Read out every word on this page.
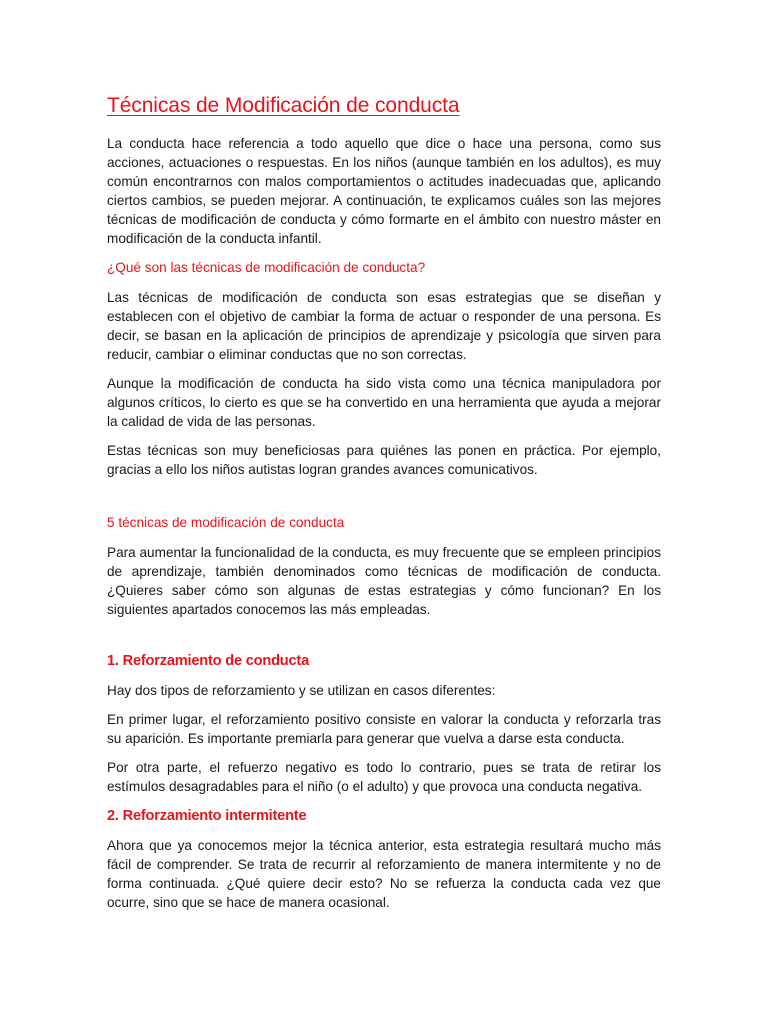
Técnicas de Modificación de conducta

La conducta hace referencia a todo aquello que dice o hace una persona, como sus acciones, actuaciones o respuestas. En los niños (aunque también en los adultos), es muy común encontrarnos con malos comportamientos o actitudes inadecuadas que, aplicando ciertos cambios, se pueden mejorar. A continuación, te explicamos cuáles son las mejores técnicas de modificación de conducta y cómo formarte en el ámbito con nuestro máster en modificación de la conducta infantil.

¿Qué son las técnicas de modificación de conducta?

Las técnicas de modificación de conducta son esas estrategias que se diseñan y establecen con el objetivo de cambiar la forma de actuar o responder de una persona. Es decir, se basan en la aplicación de principios de aprendizaje y psicología que sirven para reducir, cambiar o eliminar conductas que no son correctas.

Aunque la modificación de conducta ha sido vista como una técnica manipuladora por algunos críticos, lo cierto es que se ha convertido en una herramienta que ayuda a mejorar la calidad de vida de las personas.

Estas técnicas son muy beneficiosas para quiénes las ponen en práctica. Por ejemplo, gracias a ello los niños autistas logran grandes avances comunicativos.

5 técnicas de modificación de conducta

Para aumentar la funcionalidad de la conducta, es muy frecuente que se empleen principios de aprendizaje, también denominados como técnicas de modificación de conducta. ¿Quieres saber cómo son algunas de estas estrategias y cómo funcionan? En los siguientes apartados conocemos las más empleadas.

1. Reforzamiento de conducta

Hay dos tipos de reforzamiento y se utilizan en casos diferentes:

En primer lugar, el reforzamiento positivo consiste en valorar la conducta y reforzarla tras su aparición. Es importante premiarla para generar que vuelva a darse esta conducta.

Por otra parte, el refuerzo negativo es todo lo contrario, pues se trata de retirar los estímulos desagradables para el niño (o el adulto) y que provoca una conducta negativa.

2. Reforzamiento intermitente

Ahora que ya conocemos mejor la técnica anterior, esta estrategia resultará mucho más fácil de comprender. Se trata de recurrir al reforzamiento de manera intermitente y no de forma continuada. ¿Qué quiere decir esto? No se refuerza la conducta cada vez que ocurre, sino que se hace de manera ocasional.
